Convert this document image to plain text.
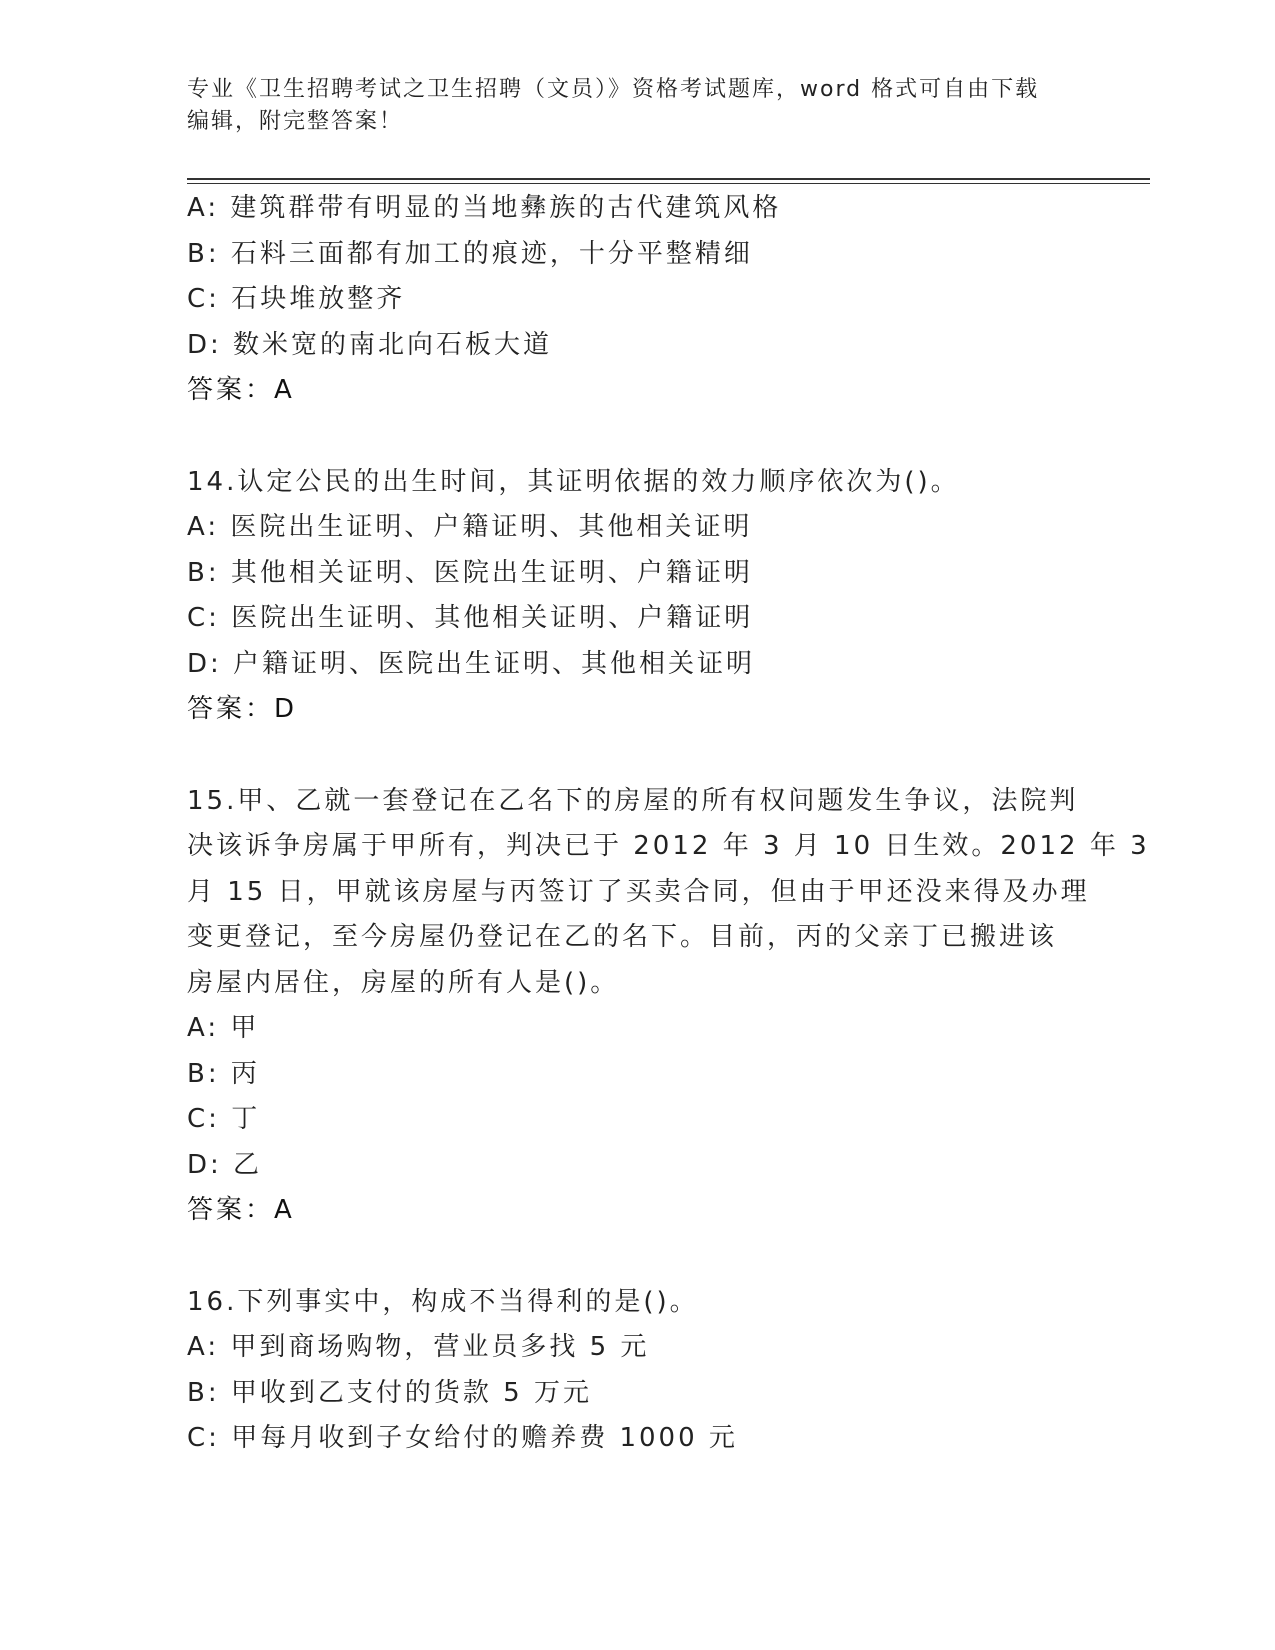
专业《卫生招聘考试之卫生招聘（文员）》资格考试题库，word 格式可自由下载
编辑，附完整答案！
A: 建筑群带有明显的当地彝族的古代建筑风格
B: 石料三面都有加工的痕迹，十分平整精细
C: 石块堆放整齐
D: 数米宽的南北向石板大道
答案：A
14.认定公民的出生时间，其证明依据的效力顺序依次为()。
A: 医院出生证明、户籍证明、其他相关证明
B: 其他相关证明、医院出生证明、户籍证明
C: 医院出生证明、其他相关证明、户籍证明
D: 户籍证明、医院出生证明、其他相关证明
答案：D
15.甲、乙就一套登记在乙名下的房屋的所有权问题发生争议，法院判
决该诉争房属于甲所有，判决已于 2012 年 3 月 10 日生效。2012 年 3
月 15 日，甲就该房屋与丙签订了买卖合同，但由于甲还没来得及办理
变更登记，至今房屋仍登记在乙的名下。目前，丙的父亲丁已搬进该
房屋内居住，房屋的所有人是()。
A: 甲
B: 丙
C: 丁
D: 乙
答案：A
16.下列事实中，构成不当得利的是()。
A: 甲到商场购物，营业员多找 5 元
B: 甲收到乙支付的货款 5 万元
C: 甲每月收到子女给付的赡养费 1000 元
